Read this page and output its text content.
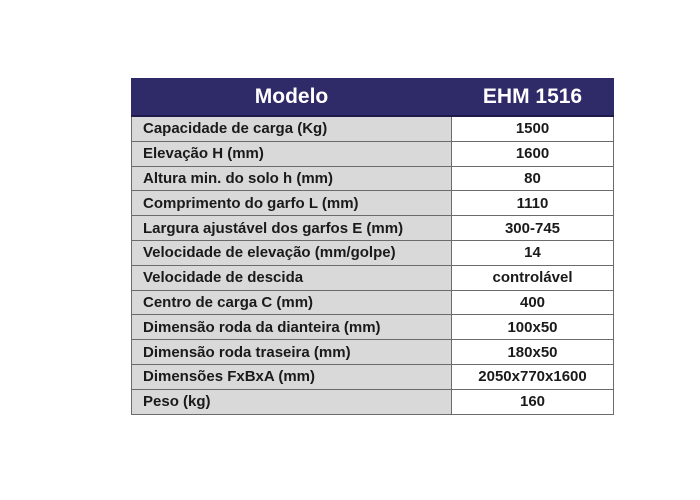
Modelo	EHM 1516
Capacidade de carga (Kg)	1500
Elevação H (mm)	1600
Altura min. do solo h (mm)	80
Comprimento do garfo L (mm)	1110
Largura ajustável dos garfos E (mm)	300-745
Velocidade de elevação (mm/golpe)	14
Velocidade de descida	controlável
Centro de carga C (mm)	400
Dimensão roda da dianteira (mm)	100x50
Dimensão roda traseira (mm)	180x50
Dimensões FxBxA (mm)	2050x770x1600
Peso (kg)	160
